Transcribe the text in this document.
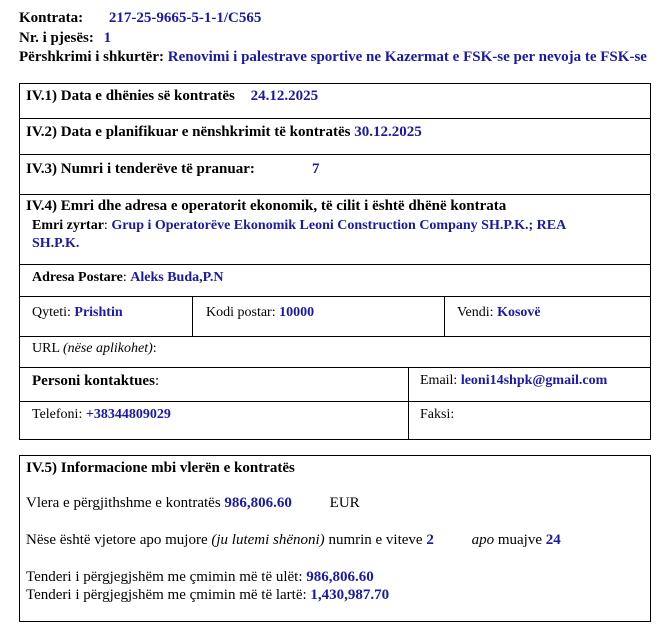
Kontrata: 217-25-9665-5-1-1/C565
Nr. i pjesës: 1
Përshkrimi i shkurtër: Renovimi i palestrave sportive ne Kazermat e FSK-se per nevoja te FSK-se
IV.1) Data e dhënies së kontratës 24.12.2025
IV.2) Data e planifikuar e nënshkrimit të kontratës 30.12.2025
IV.3) Numri i tenderëve të pranuar:	7
IV.4) Emri dhe adresa e operatorit ekonomik, të cilit i është dhënë kontrata
Emri zyrtar: Grup i Operatorëve Ekonomik Leoni Construction Company SH.P.K.; REA
SH.P.K.
Adresa Postare: Aleks Buda,P.N
Qyteti: Prishtin	Kodi postar: 10000	Vendi: Kosovë
URL (nëse aplikohet):
Personi kontaktues:	Email: leoni14shpk@gmail.com
Telefoni: +38344809029	Faksi:
IV.5) Informacione mbi vlerën e kontratës
Vlera e përgjithshme e kontratës 986,806.60	EUR
Nëse është vjetore apo mujore (ju lutemi shënoni) numrin e viteve 2	apo muajve 24
Tenderi i përgjegjshëm me çmimin më të ulët: 986,806.60
Tenderi i përgjegjshëm me çmimin më të lartë: 1,430,987.70
